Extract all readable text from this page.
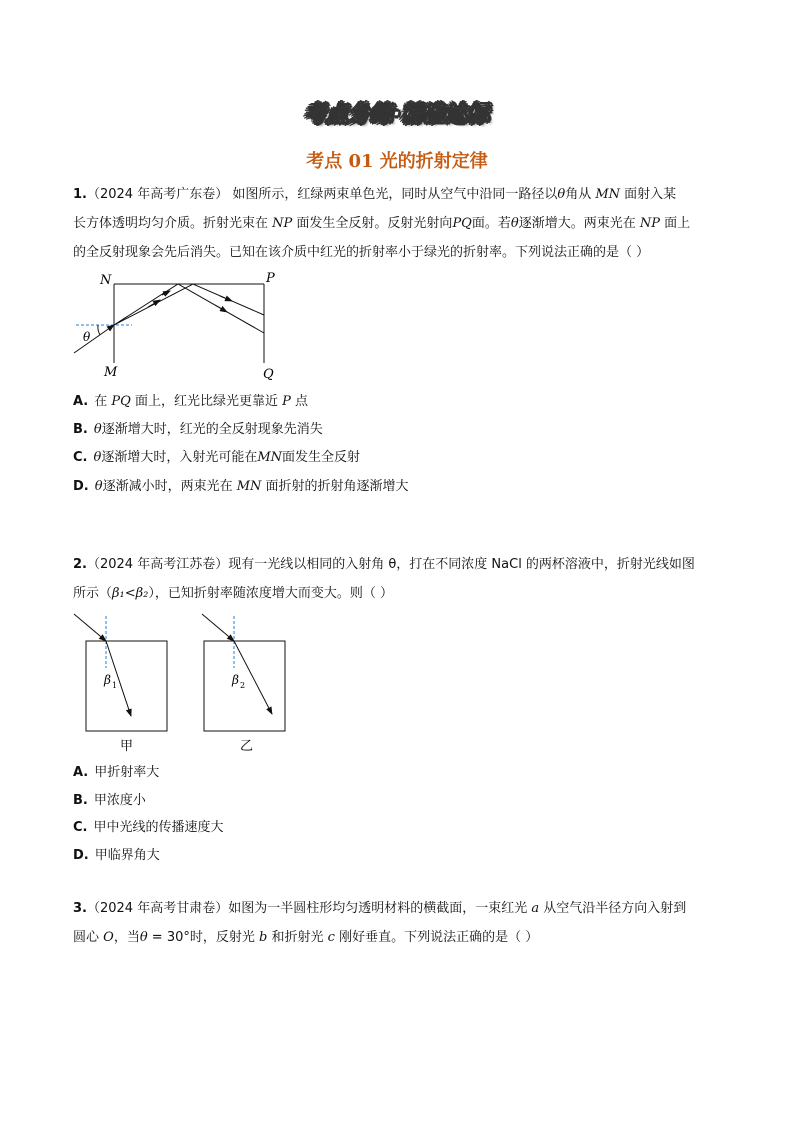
考点分练·精准达标
考点 01 光的折射定律
1.（2024 年高考广东卷） 如图所示，红绿两束单色光，同时从空气中沿同一路径以θ角从 MN 面射入某
长方体透明均匀介质。折射光束在 NP 面发生全反射。反射光射向PQ面。若θ逐渐增大。两束光在 NP 面上
的全反射现象会先后消失。已知在该介质中红光的折射率小于绿光的折射率。下列说法正确的是（ ）
N	P
M	Q
θ
A. 在 PQ 面上，红光比绿光更靠近 P 点
B. θ逐渐增大时，红光的全反射现象先消失
C. θ逐渐增大时，入射光可能在MN面发生全反射
D. θ逐渐减小时，两束光在 MN 面折射的折射角逐渐增大
2.（2024 年高考江苏卷）现有一光线以相同的入射角 θ，打在不同浓度 NaCl 的两杯溶液中，折射光线如图
所示（β₁<β₂），已知折射率随浓度增大而变大。则（ ）
β 1
甲
β 2
乙
A. 甲折射率大
B. 甲浓度小
C. 甲中光线的传播速度大
D. 甲临界角大
3.（2024 年高考甘肃卷）如图为一半圆柱形均匀透明材料的横截面，一束红光 a 从空气沿半径方向入射到
圆心 O，当θ = 30°时，反射光 b 和折射光 c 刚好垂直。下列说法正确的是（ ）
